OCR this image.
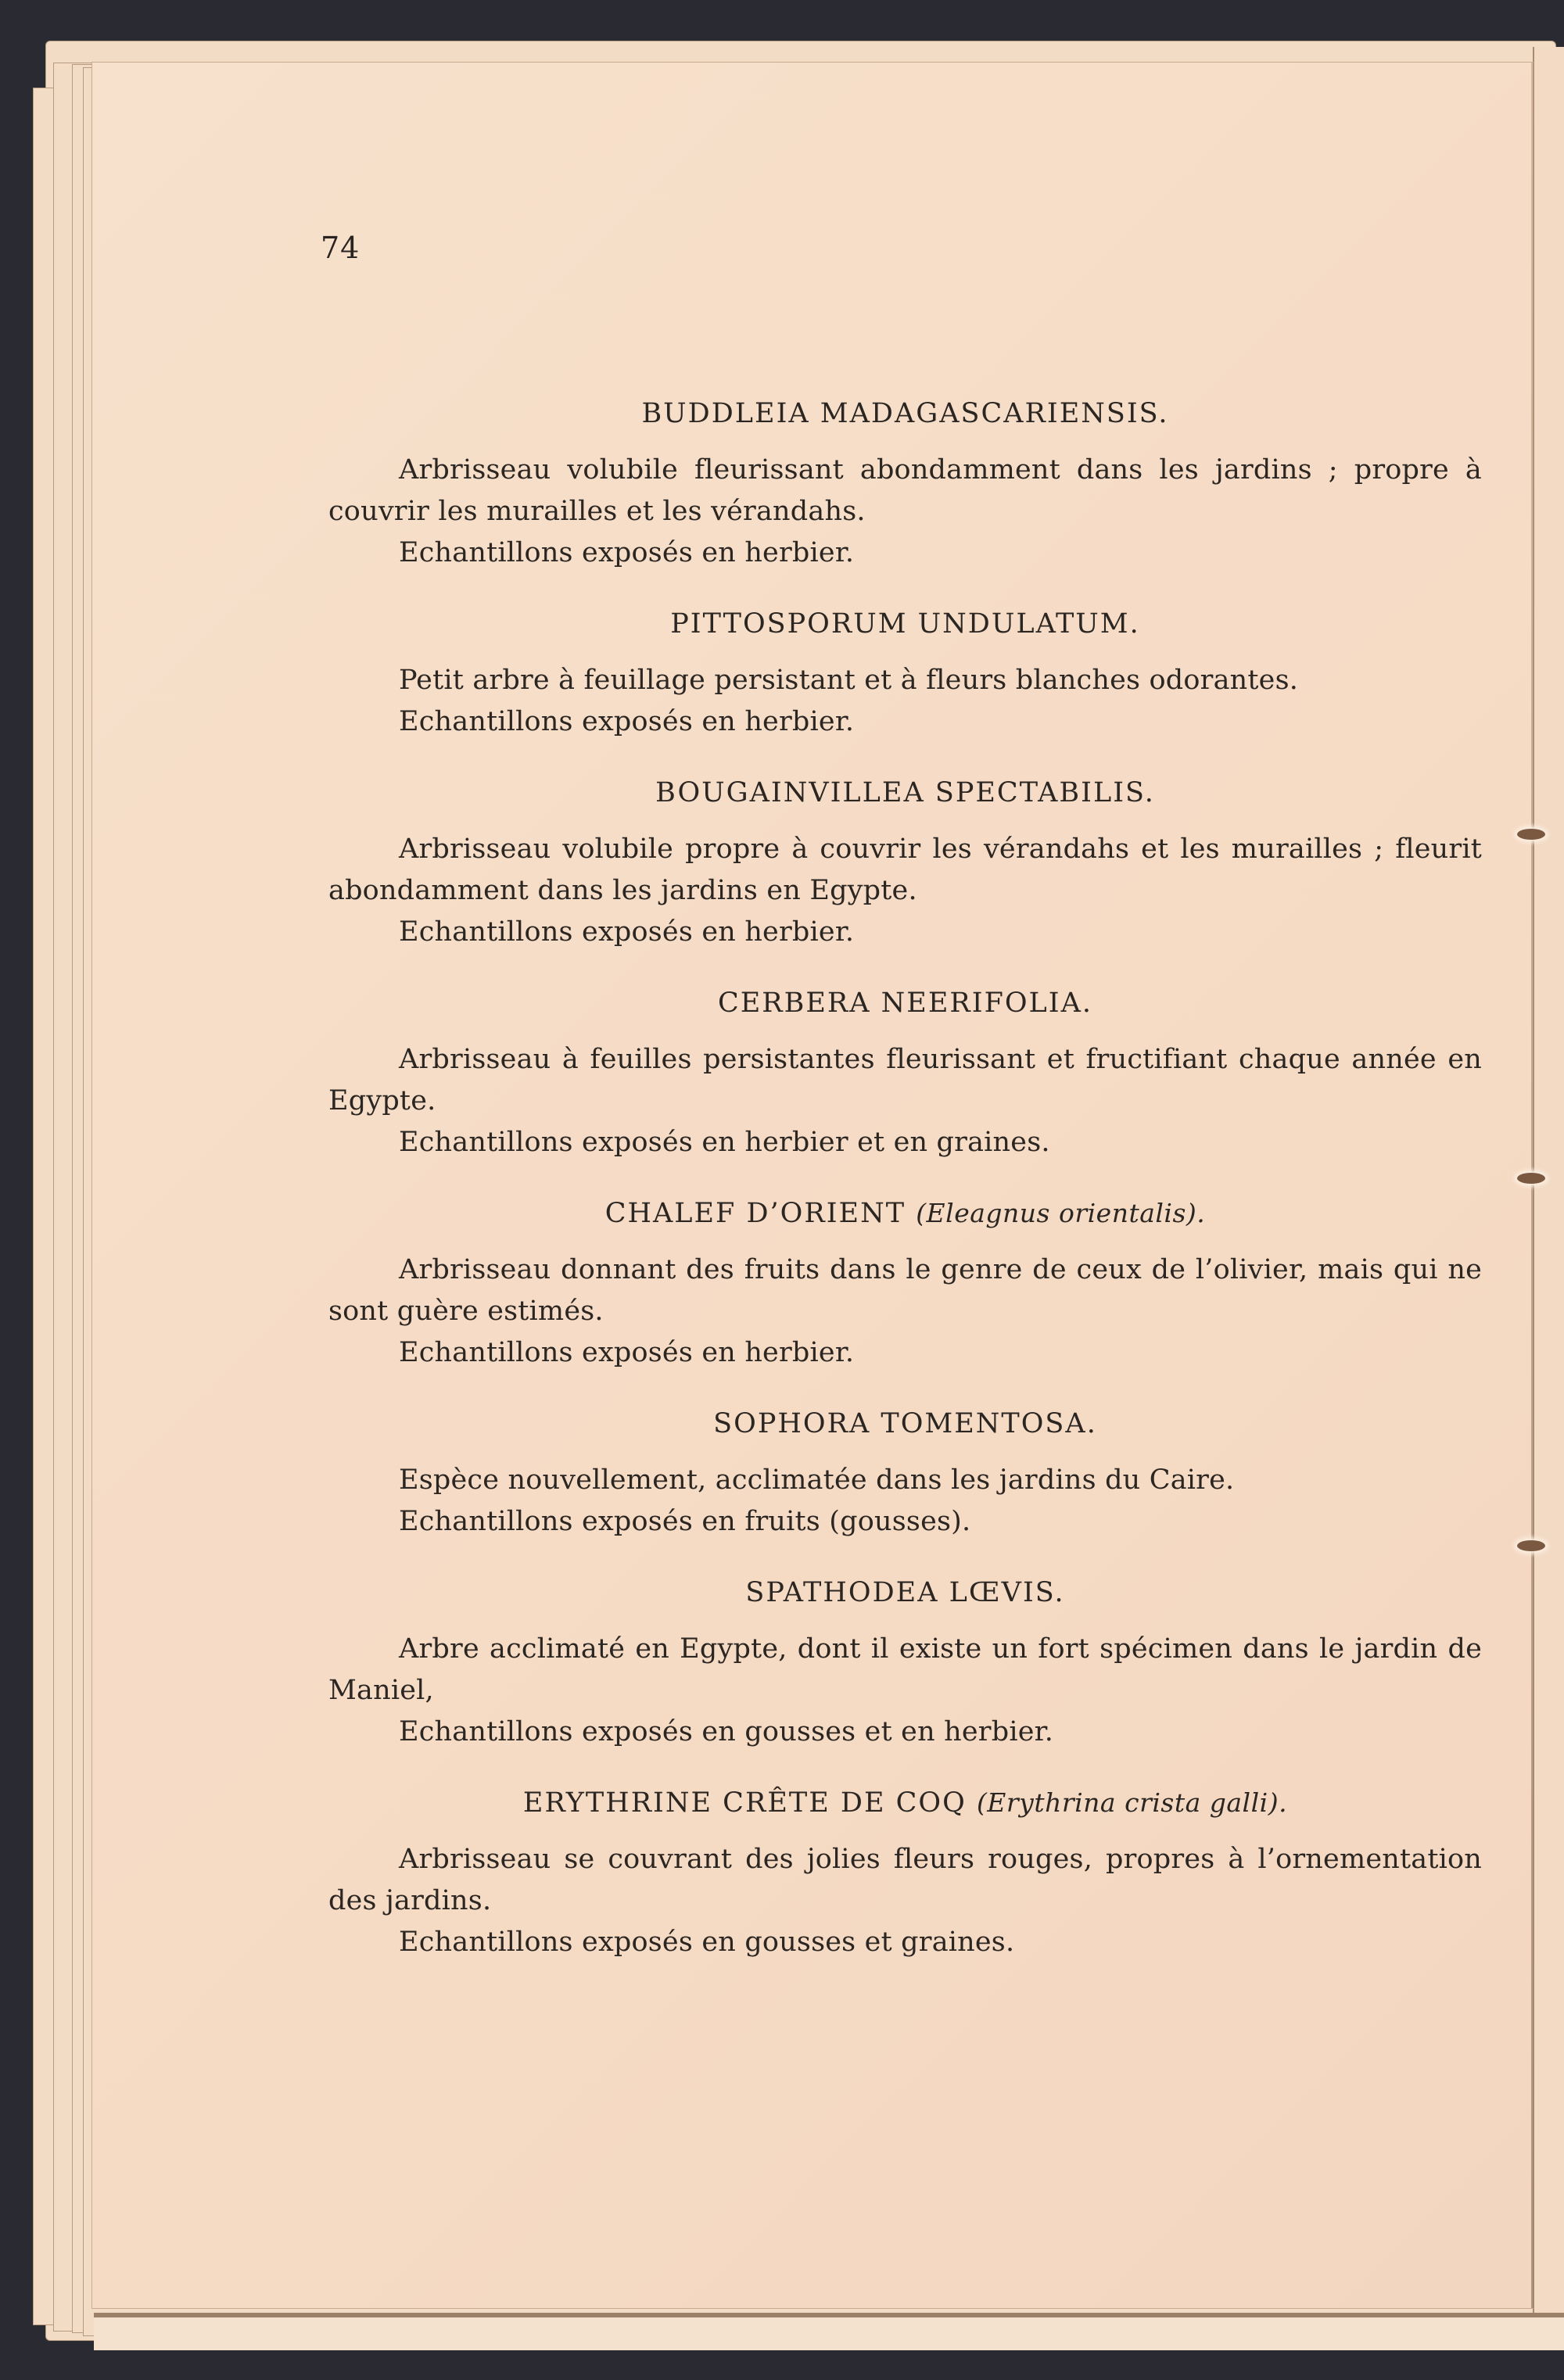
74
BUDDLEIA MADAGASCARIENSIS.

Arbrisseau volubile fleurissant abondamment dans les jardins ; propre à couvrir les murailles et les vérandahs.

Echantillons exposés en herbier.

PITTOSPORUM UNDULATUM.

Petit arbre à feuillage persistant et à fleurs blanches odorantes.

Echantillons exposés en herbier.

BOUGAINVILLEA SPECTABILIS.

Arbrisseau volubile propre à couvrir les vérandahs et les murailles ; fleurit abondamment dans les jardins en Egypte.

Echantillons exposés en herbier.

CERBERA NEERIFOLIA.

Arbrisseau à feuilles persistantes fleurissant et fructifiant chaque année en Egypte.

Echantillons exposés en herbier et en graines.

CHALEF D’ORIENT (Eleagnus orientalis).

Arbrisseau donnant des fruits dans le genre de ceux de l’olivier, mais qui ne sont guère estimés.

Echantillons exposés en herbier.

SOPHORA TOMENTOSA.

Espèce nouvellement, acclimatée dans les jardins du Caire.

Echantillons exposés en fruits (gousses).

SPATHODEA LŒVIS.

Arbre acclimaté en Egypte, dont il existe un fort spécimen dans le jardin de Maniel,

Echantillons exposés en gousses et en herbier.

ERYTHRINE CRÊTE DE COQ (Erythrina crista galli).

Arbrisseau se couvrant des jolies fleurs rouges, propres à l’ornementation des jardins.

Echantillons exposés en gousses et graines.
